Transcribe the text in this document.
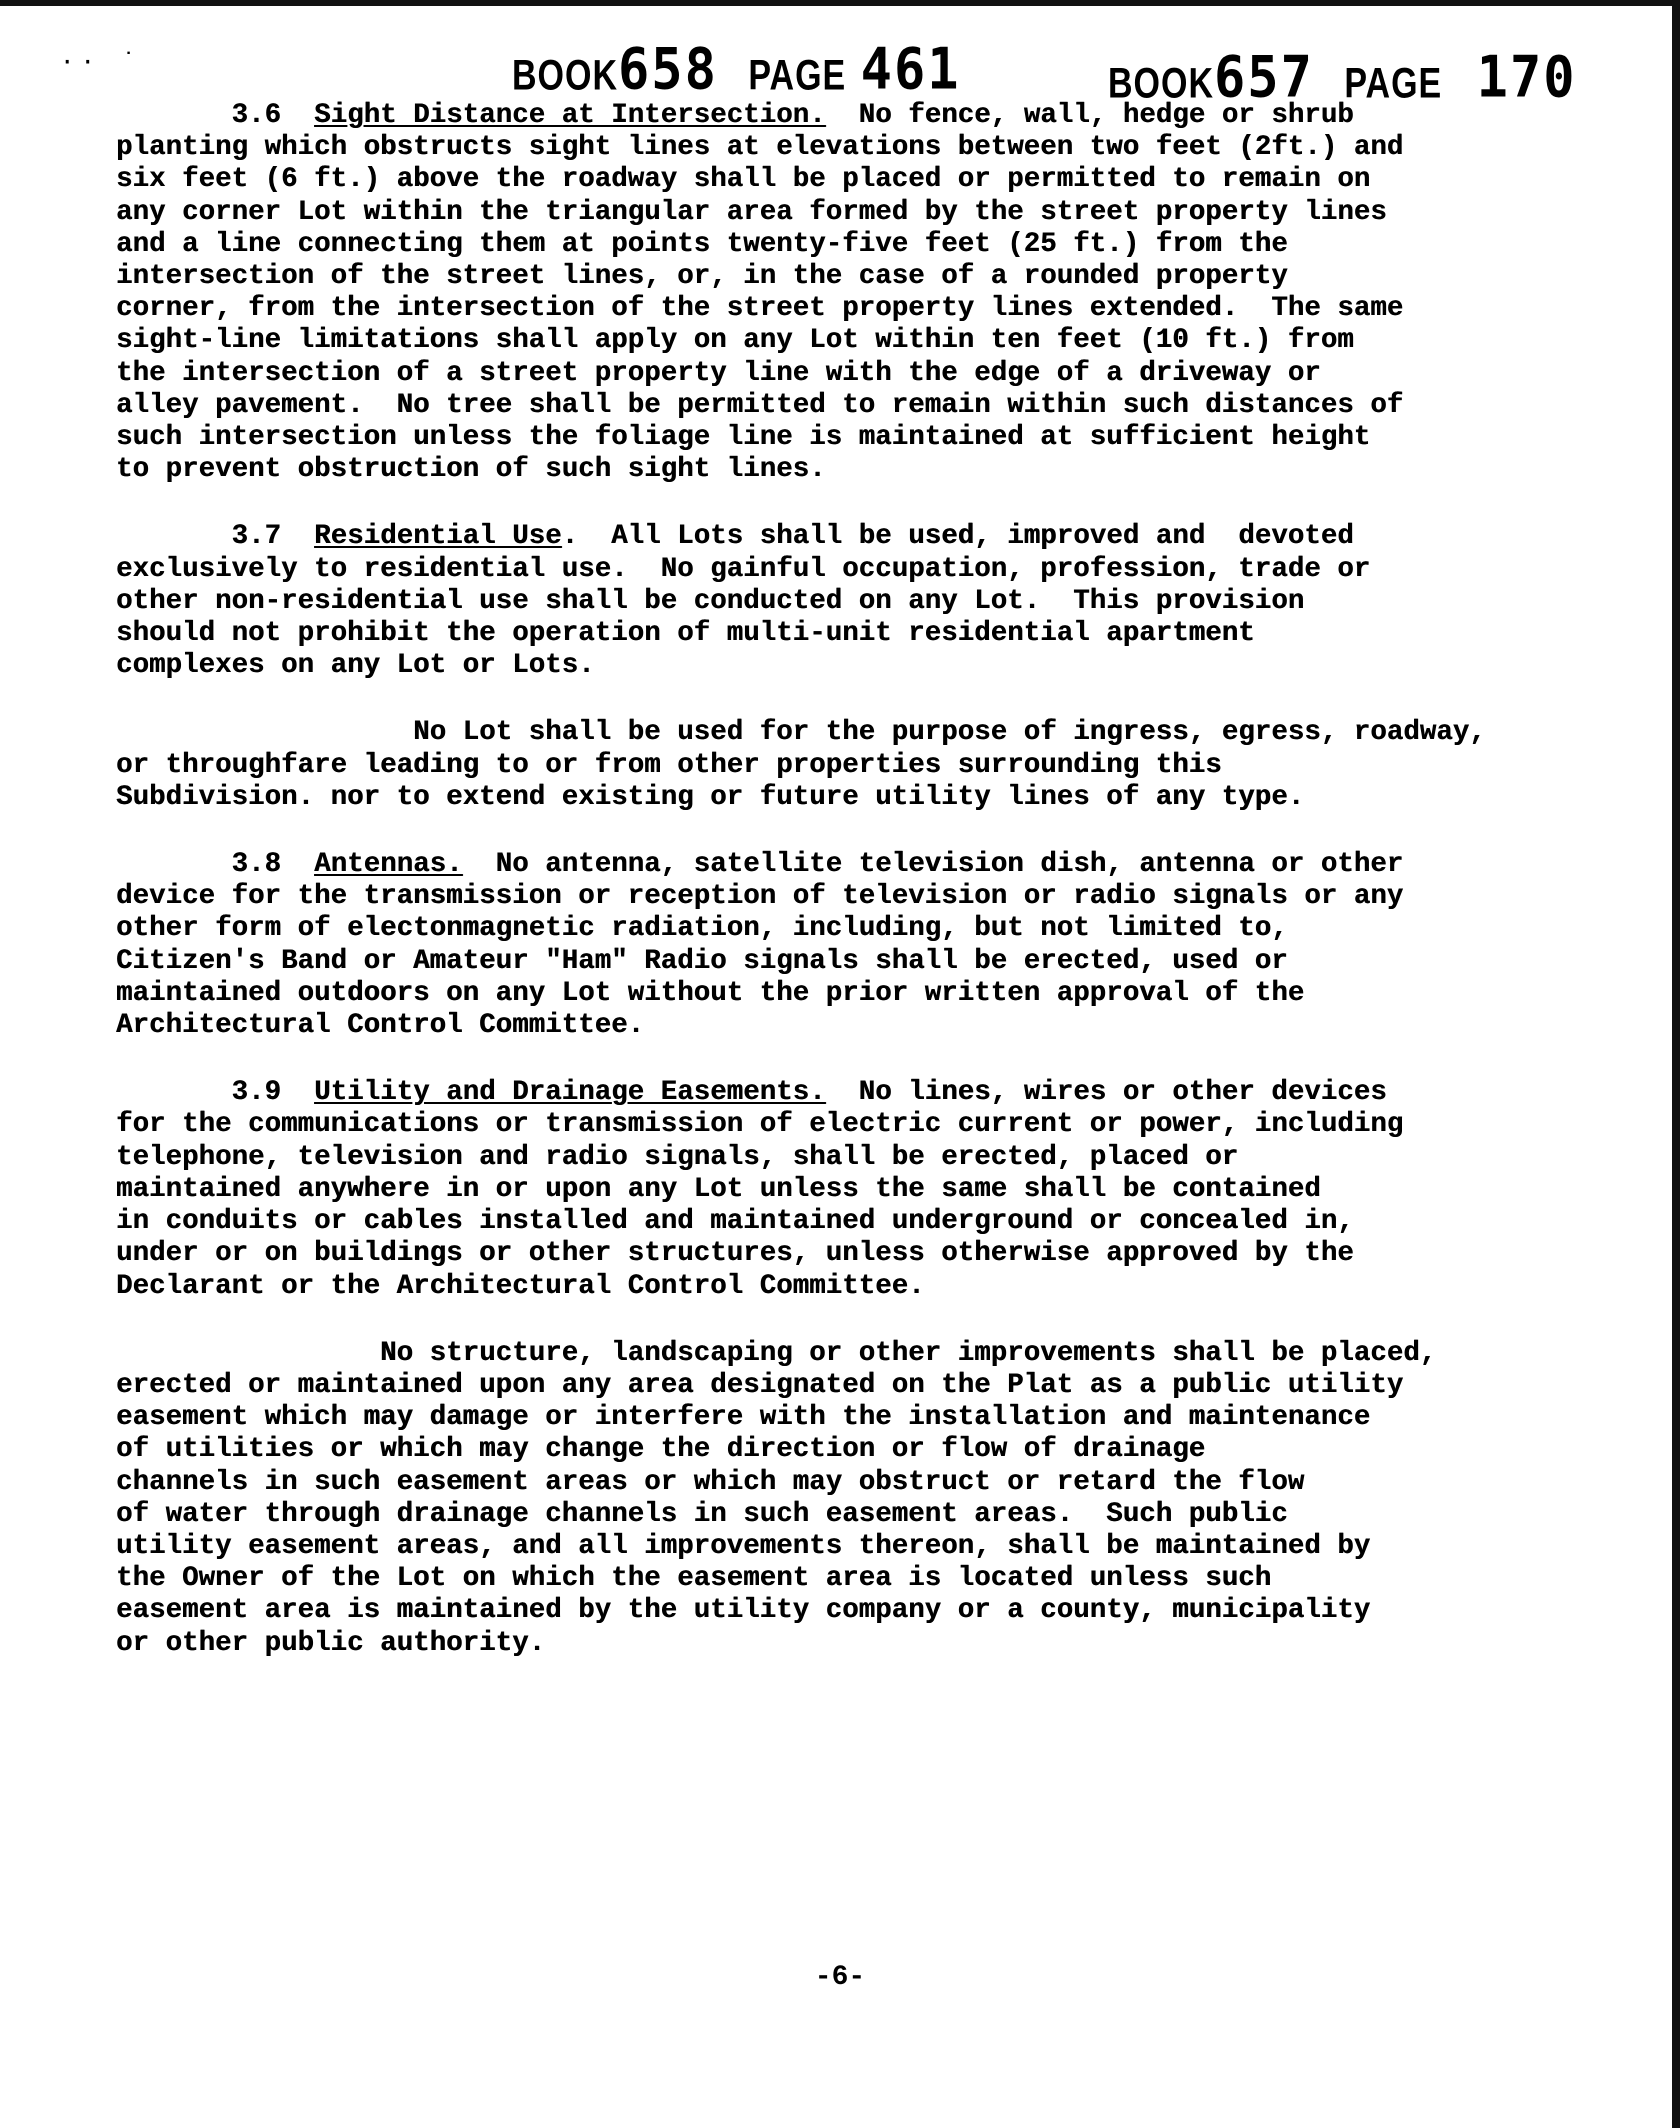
·· ˙	BOOK658 PAGE 461	BOOK657 PAGE 170
3.6 Sight Distance at Intersection.  No fence, wall, hedge or shrub
planting which obstructs sight lines at elevations between two feet (2ft.) and
six feet (6 ft.) above the roadway shall be placed or permitted to remain on
any corner Lot within the triangular area formed by the street property lines
and a line connecting them at points twenty-five feet (25 ft.) from the
intersection of the street lines, or, in the case of a rounded property
corner, from the intersection of the street property lines extended.  The same
sight-line limitations shall apply on any Lot within ten feet (10 ft.) from
the intersection of a street property line with the edge of a driveway or
alley pavement.  No tree shall be permitted to remain within such distances of
such intersection unless the foliage line is maintained at sufficient height
to prevent obstruction of such sight lines.
3.7 Residential Use.  All Lots shall be used, improved and  devoted
exclusively to residential use.  No gainful occupation, profession, trade or
other non-residential use shall be conducted on any Lot.  This provision
should not prohibit the operation of multi-unit residential apartment
complexes on any Lot or Lots.
No Lot shall be used for the purpose of ingress, egress, roadway,
or throughfare leading to or from other properties surrounding this
Subdivision. nor to extend existing or future utility lines of any type.
3.8 Antennas.  No antenna, satellite television dish, antenna or other
device for the transmission or reception of television or radio signals or any
other form of electonmagnetic radiation, including, but not limited to,
Citizen's Band or Amateur "Ham" Radio signals shall be erected, used or
maintained outdoors on any Lot without the prior written approval of the
Architectural Control Committee.
3.9 Utility and Drainage Easements.  No lines, wires or other devices
for the communications or transmission of electric current or power, including
telephone, television and radio signals, shall be erected, placed or
maintained anywhere in or upon any Lot unless the same shall be contained
in conduits or cables installed and maintained underground or concealed in,
under or on buildings or other structures, unless otherwise approved by the
Declarant or the Architectural Control Committee.
No structure, landscaping or other improvements shall be placed,
erected or maintained upon any area designated on the Plat as a public utility
easement which may damage or interfere with the installation and maintenance
of utilities or which may change the direction or flow of drainage
channels in such easement areas or which may obstruct or retard the flow
of water through drainage channels in such easement areas.  Such public
utility easement areas, and all improvements thereon, shall be maintained by
the Owner of the Lot on which the easement area is located unless such
easement area is maintained by the utility company or a county, municipality
or other public authority.
-6-
